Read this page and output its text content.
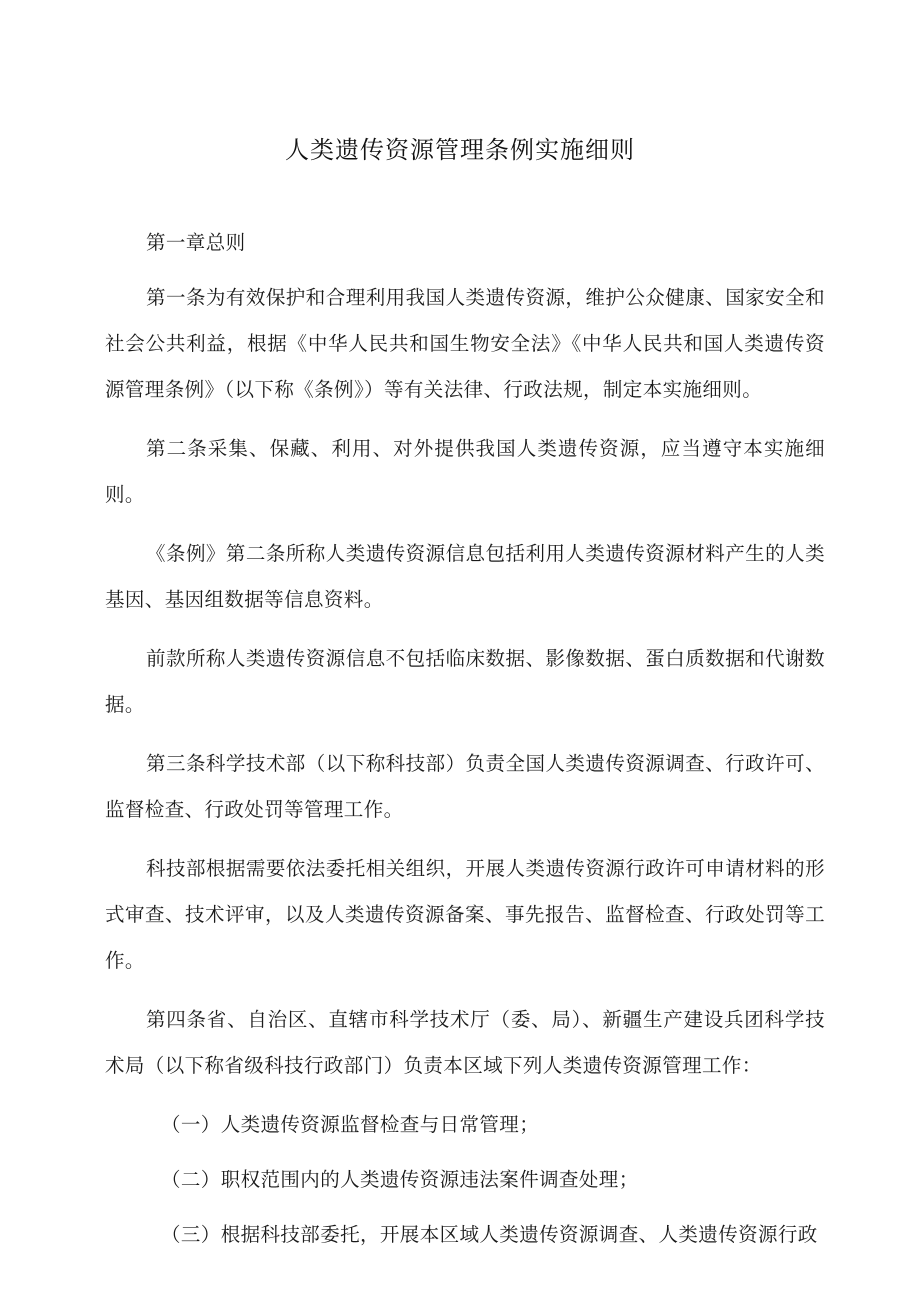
人类遗传资源管理条例实施细则

第一章总则

第一条为有效保护和合理利用我国人类遗传资源，维护公众健康、国家安全和社会公共利益，根据《中华人民共和国生物安全法》《中华人民共和国人类遗传资源管理条例》（以下称《条例》）等有关法律、行政法规，制定本实施细则。

第二条采集、保藏、利用、对外提供我国人类遗传资源，应当遵守本实施细则。

《条例》第二条所称人类遗传资源信息包括利用人类遗传资源材料产生的人类基因、基因组数据等信息资料。

前款所称人类遗传资源信息不包括临床数据、影像数据、蛋白质数据和代谢数据。

第三条科学技术部（以下称科技部）负责全国人类遗传资源调查、行政许可、监督检查、行政处罚等管理工作。

科技部根据需要依法委托相关组织，开展人类遗传资源行政许可申请材料的形式审查、技术评审，以及人类遗传资源备案、事先报告、监督检查、行政处罚等工作。

第四条省、自治区、直辖市科学技术厅（委、局）、新疆生产建设兵团科学技术局（以下称省级科技行政部门）负责本区域下列人类遗传资源管理工作：

（一）人类遗传资源监督检查与日常管理；

（二）职权范围内的人类遗传资源违法案件调查处理；

（三）根据科技部委托，开展本区域人类遗传资源调查、人类遗传资源行政
